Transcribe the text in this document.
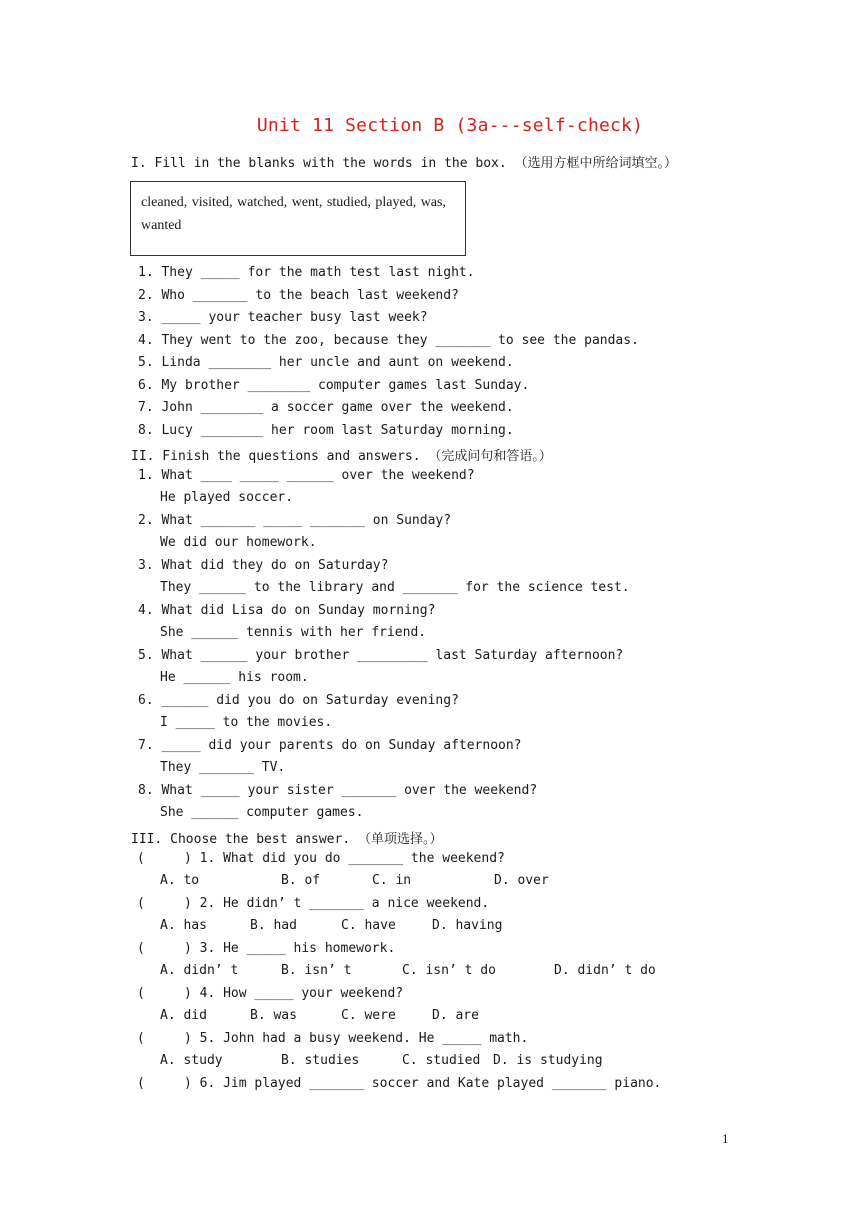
Unit 11 Section B (3a---self-check)
I. Fill in the blanks with the words in the box. （选用方框中所给词填空。）
cleaned, visited, watched, went, studied, played, was, wanted
1. They _____ for the math test last night.
2. Who _______ to the beach last weekend?
3. _____ your teacher busy last week?
4. They went to the zoo, because they _______ to see the pandas.
5. Linda ________ her uncle and aunt on weekend.
6. My brother ________ computer games last Sunday.
7. John ________ a soccer game over the weekend.
8. Lucy ________ her room last Saturday morning.
II. Finish the questions and answers. （完成问句和答语。）
1. What ____ _____ ______ over the weekend?
He played soccer.
2. What _______ _____ _______ on Sunday?
We did our homework.
3. What did they do on Saturday?
They ______ to the library and _______ for the science test.
4. What did Lisa do on Sunday morning?
She ______ tennis with her friend.
5. What ______ your brother _________ last Saturday afternoon?
He ______ his room.
6. ______ did you do on Saturday evening?
I _____ to the movies.
7. _____ did your parents do on Sunday afternoon?
They _______ TV.
8. What _____ your sister _______ over the weekend?
She ______ computer games.
III. Choose the best answer. （单项选择。）
(     ) 1. What did you do _______ the weekend?
A. to	B. of	C. in	D. over
(     ) 2. He didn’ t _______ a nice weekend.
A. has	B. had	C. have	D. having
(     ) 3. He _____ his homework.
A. didn’ t	B. isn’ t	C. isn’ t do	D. didn’ t do
(     ) 4. How _____ your weekend?
A. did	B. was	C. were	D. are
(     ) 5. John had a busy weekend. He _____ math.
A. study	B. studies	C. studied D. is studying
(     ) 6. Jim played _______ soccer and Kate played _______ piano.
1
